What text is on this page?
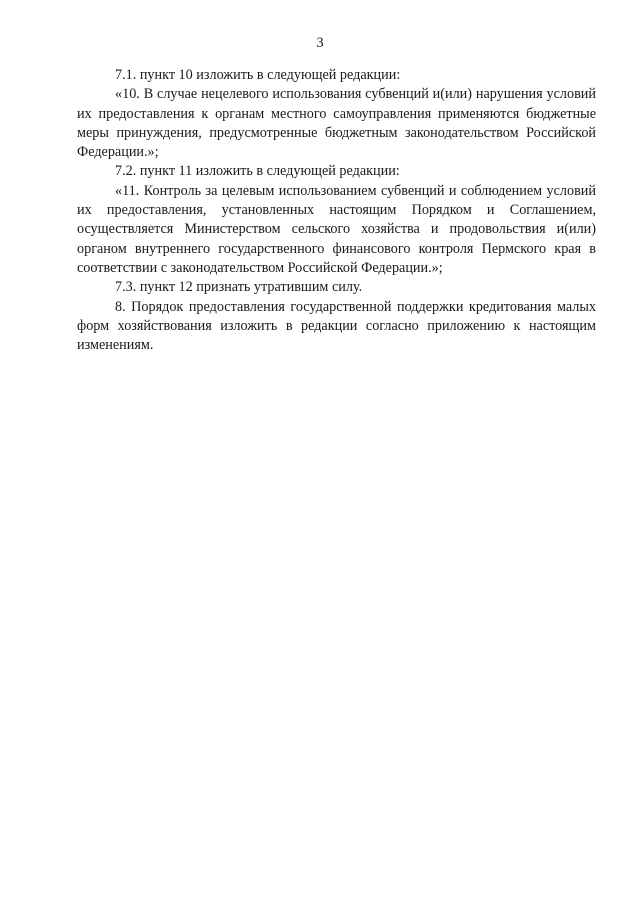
3

7.1. пункт 10 изложить в следующей редакции:

«10. В случае нецелевого использования субвенций и(или) нарушения условий их предоставления к органам местного самоуправления применяются бюджетные меры принуждения, предусмотренные бюджетным законодательством Российской Федерации.»;

7.2. пункт 11 изложить в следующей редакции:

«11. Контроль за целевым использованием субвенций и соблюдением условий их предоставления, установленных настоящим Порядком и Соглашением, осуществляется Министерством сельского хозяйства и продовольствия и(или) органом внутреннего государственного финансового контроля Пермского края в соответствии с законодательством Российской Федерации.»;

7.3. пункт 12 признать утратившим силу.

8. Порядок предоставления государственной поддержки кредитования малых форм хозяйствования изложить в редакции согласно приложению к настоящим изменениям.
